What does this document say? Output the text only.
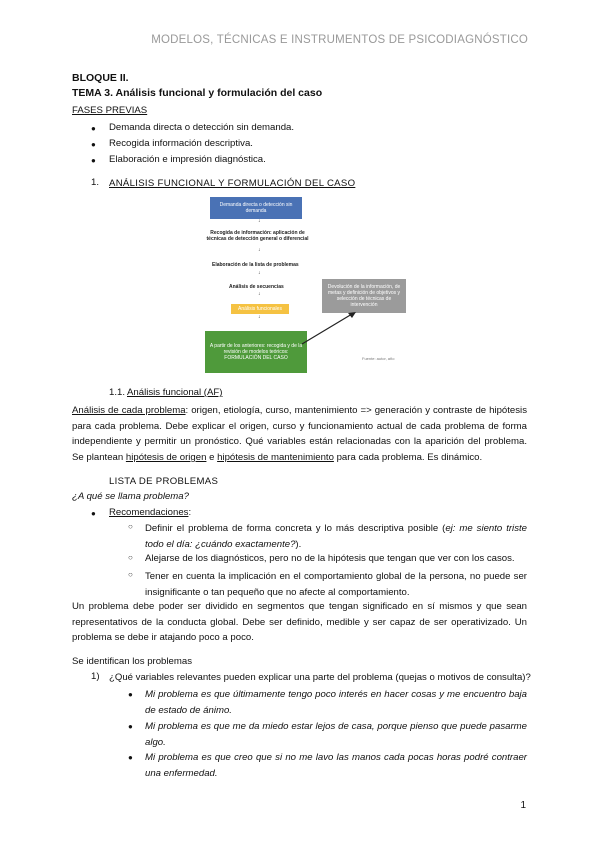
MODELOS, TÉCNICAS E INSTRUMENTOS DE PSICODIAGNÓSTICO
BLOQUE II.
TEMA 3. Análisis funcional y formulación del caso
FASES PREVIAS
● Demanda directa o detección sin demanda.
● Recogida información descriptiva.
● Elaboración e impresión diagnóstica.
1. ANÁLISIS FUNCIONAL Y FORMULACIÓN DEL CASO
Demanda directa o detección sin demanda
↓
Recogida de información: aplicación de técnicas de detección general o diferencial
↓
Elaboración de la lista de problemas
↓
Análisis de secuencias
↓
Análisis funcionales
↓
A partir de los anteriores: recogida y de la revisión de modelos teóricos: FORMULACIÓN DEL CASO
Devolución de la información, de metas y definición de objetivos y selección de técnicas de intervención
Fuente: autor, año
1.1. Análisis funcional (AF)
Análisis de cada problema: origen, etiología, curso, mantenimiento => generación y contraste de hipótesis para cada problema. Debe explicar el origen, curso y funcionamiento actual de cada problema de forma independiente y permitir un pronóstico. Qué variables están relacionadas con la aparición del problema. Se plantean hipótesis de origen e hipótesis de mantenimiento para cada problema. Es dinámico.
LISTA DE PROBLEMAS
¿A qué se llama problema?
● Recomendaciones:
○ Definir el problema de forma concreta y lo más descriptiva posible (ej: me siento triste todo el día: ¿cuándo exactamente?).
○ Alejarse de los diagnósticos, pero no de la hipótesis que tengan que ver con los casos.
○ Tener en cuenta la implicación en el comportamiento global de la persona, no puede ser insignificante o tan pequeño que no afecte al comportamiento.
Un problema debe poder ser dividido en segmentos que tengan significado en sí mismos y que sean representativos de la conducta global. Debe ser definido, medible y ser capaz de ser operativizado. Un problema se debe ir atajando poco a poco.
Se identifican los problemas
1) ¿Qué variables relevantes pueden explicar una parte del problema (quejas o motivos de consulta)?
● Mi problema es que últimamente tengo poco interés en hacer cosas y me encuentro baja de estado de ánimo.
● Mi problema es que me da miedo estar lejos de casa, porque pienso que puede pasarme algo.
● Mi problema es que creo que si no me lavo las manos cada pocas horas podré contraer una enfermedad.
1
